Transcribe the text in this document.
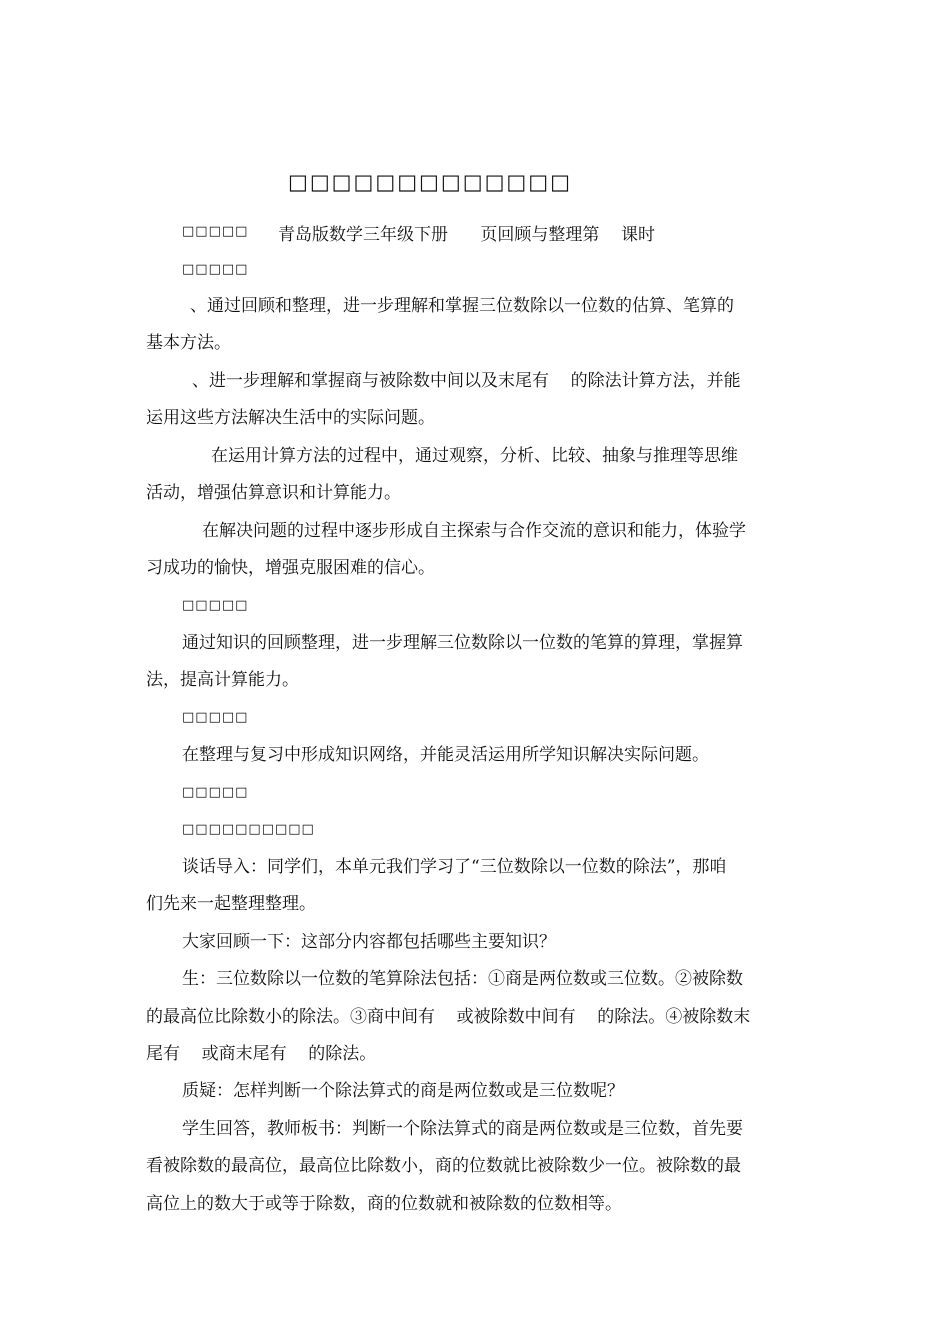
□□□□□□□□□□□□□
□□□□□ 青岛版数学三年级下册      页回顾与整理第    课时
□□□□□
、通过回顾和整理，进一步理解和掌握三位数除以一位数的估算、笔算的
基本方法。
、进一步理解和掌握商与被除数中间以及末尾有    的除法计算方法，并能
运用这些方法解决生活中的实际问题。
在运用计算方法的过程中，通过观察，分析、比较、抽象与推理等思维
活动，增强估算意识和计算能力。
在解决问题的过程中逐步形成自主探索与合作交流的意识和能力，体验学
习成功的愉快，增强克服困难的信心。
□□□□□
通过知识的回顾整理，进一步理解三位数除以一位数的笔算的算理，掌握算
法，提高计算能力。
□□□□□
在整理与复习中形成知识网络，并能灵活运用所学知识解决实际问题。
□□□□□
□□□□□□□□□□
谈话导入：同学们，本单元我们学习了“三位数除以一位数的除法”，那咱
们先来一起整理整理。
大家回顾一下：这部分内容都包括哪些主要知识？
生：三位数除以一位数的笔算除法包括：①商是两位数或三位数。②被除数
的最高位比除数小的除法。③商中间有    或被除数中间有    的除法。④被除数末
尾有    或商末尾有    的除法。
质疑：怎样判断一个除法算式的商是两位数或是三位数呢？
学生回答，教师板书：判断一个除法算式的商是两位数或是三位数，首先要
看被除数的最高位，最高位比除数小，商的位数就比被除数少一位。被除数的最
高位上的数大于或等于除数，商的位数就和被除数的位数相等。
